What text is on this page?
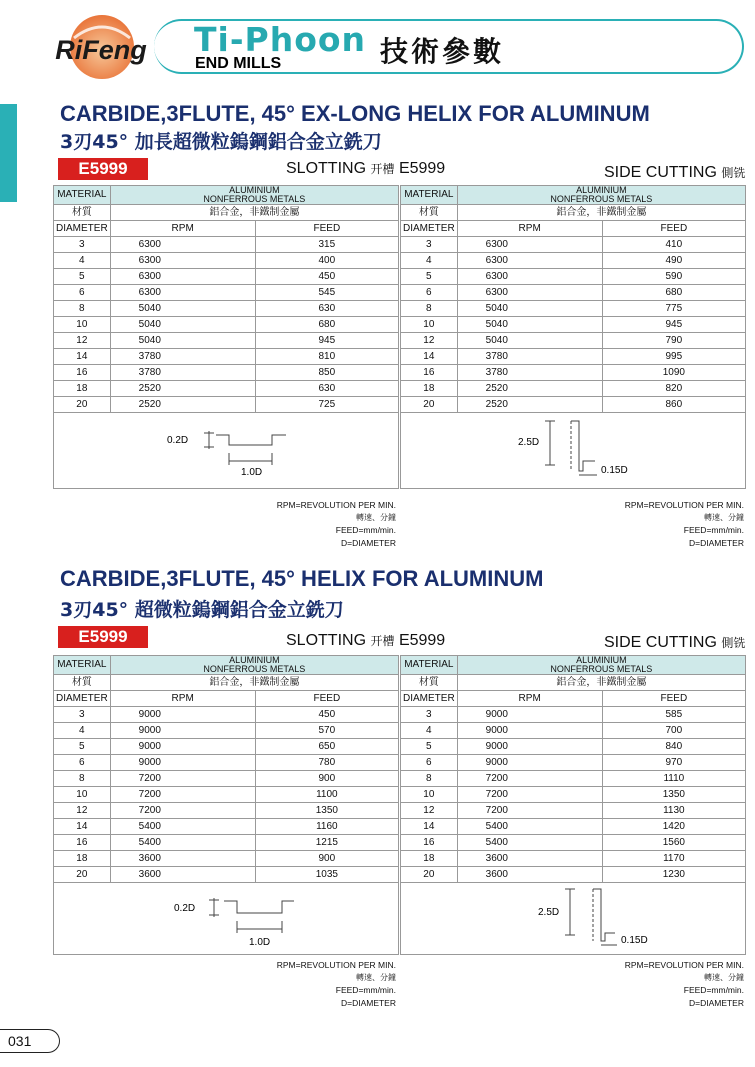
RiFeng Ti-Phoon
END MILLS	技術參數
CARBIDE,3FLUTE, 45° EX-LONG HELIX FOR ALUMINUM
3刃45° 加長超微粒鎢鋼鋁合金立銑刀
E5999	SLOTTING 开槽 E5999	SIDE CUTTING 側铣
MATERIAL	ALUMINIUM
NONFERROUS METALS	

材質	鋁合金，非鐵制金屬	
DIAMETER	RPM	FEED
3	6300	315
4	6300	400
5	6300	450
6	6300	545
8	5040	630
10	5040	680
12	5040	945
14	3780	810
16	3780	850
18	2520	630
20	2520	725
MATERIAL	ALUMINIUM
NONFERROUS METALS	

材質	鋁合金，非鐵制金屬	
DIAMETER	RPM	FEED
3	6300	410
4	6300	490
5	6300	590
6	6300	680
8	5040	775
10	5040	945
12	5040	790
14	3780	995
16	3780	1090
18	2520	820
20	2520	860
0.2D
1.0D
2.5D
0.15D
RPM=REVOLUTION PER MIN.
轉速、分鐘
FEED=mm/min.
D=DIAMETER
RPM=REVOLUTION PER MIN.
轉速、分鐘
FEED=mm/min.
D=DIAMETER
CARBIDE,3FLUTE, 45° HELIX FOR ALUMINUM
3刃45° 超微粒鎢鋼鋁合金立銑刀
E5999	SLOTTING 开槽 E5999	SIDE CUTTING 側铣
MATERIAL	ALUMINIUM
NONFERROUS METALS	

材質	鋁合金，非鐵制金屬	
DIAMETER	RPM	FEED
3	9000	450
4	9000	570
5	9000	650
6	9000	780
8	7200	900
10	7200	1100
12	7200	1350
14	5400	1160
16	5400	1215
18	3600	900
20	3600	1035
MATERIAL	ALUMINIUM
NONFERROUS METALS	

材質	鋁合金，非鐵制金屬	
DIAMETER	RPM	FEED
3	9000	585
4	9000	700
5	9000	840
6	9000	970
8	7200	1110
10	7200	1350
12	7200	1130
14	5400	1420
16	5400	1560
18	3600	1170
20	3600	1230
0.2D
1.0D
2.5D
0.15D
RPM=REVOLUTION PER MIN.
轉速、分鐘
FEED=mm/min.
D=DIAMETER
RPM=REVOLUTION PER MIN.
轉速、分鐘
FEED=mm/min.
D=DIAMETER
031
